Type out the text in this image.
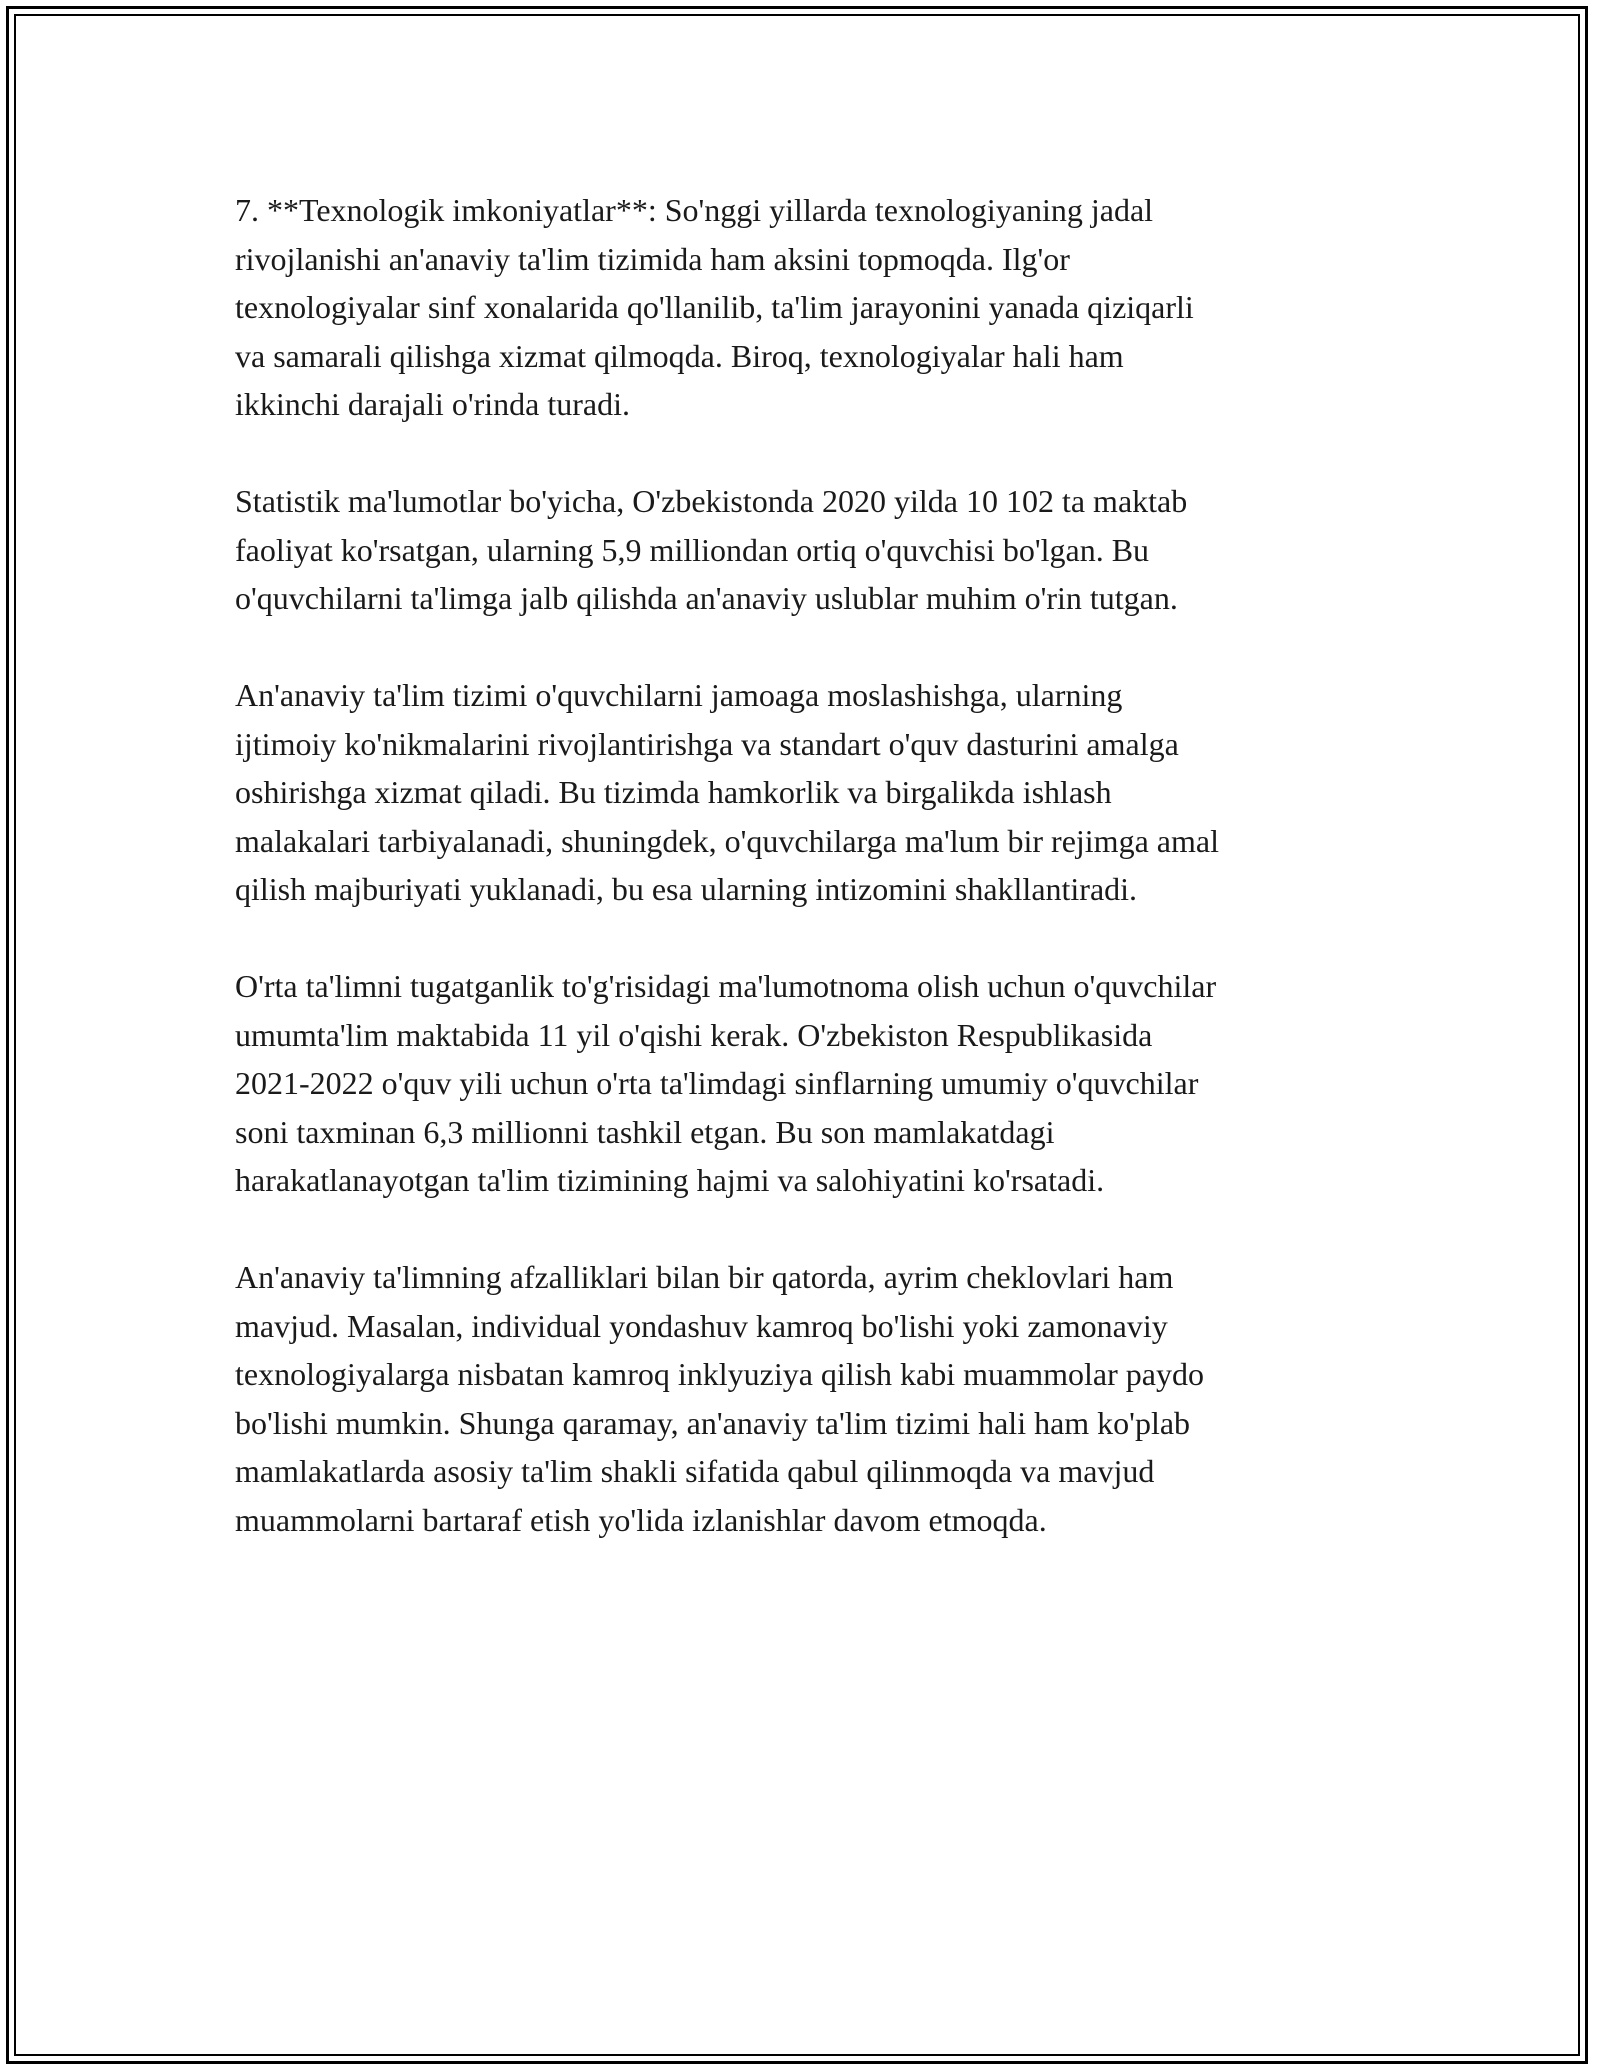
7. **Texnologik imkoniyatlar**: So'nggi yillarda texnologiyaning jadal
rivojlanishi an'anaviy ta'lim tizimida ham aksini topmoqda. Ilg'or
texnologiyalar sinf xonalarida qo'llanilib, ta'lim jarayonini yanada qiziqarli
va samarali qilishga xizmat qilmoqda. Biroq, texnologiyalar hali ham
ikkinchi darajali o'rinda turadi.

Statistik ma'lumotlar bo'yicha, O'zbekistonda 2020 yilda 10 102 ta maktab
faoliyat ko'rsatgan, ularning 5,9 milliondan ortiq o'quvchisi bo'lgan. Bu
o'quvchilarni ta'limga jalb qilishda an'anaviy uslublar muhim o'rin tutgan.

An'anaviy ta'lim tizimi o'quvchilarni jamoaga moslashishga, ularning
ijtimoiy ko'nikmalarini rivojlantirishga va standart o'quv dasturini amalga
oshirishga xizmat qiladi. Bu tizimda hamkorlik va birgalikda ishlash
malakalari tarbiyalanadi, shuningdek, o'quvchilarga ma'lum bir rejimga amal
qilish majburiyati yuklanadi, bu esa ularning intizomini shakllantiradi.

O'rta ta'limni tugatganlik to'g'risidagi ma'lumotnoma olish uchun o'quvchilar
umumta'lim maktabida 11 yil o'qishi kerak. O'zbekiston Respublikasida
2021-2022 o'quv yili uchun o'rta ta'limdagi sinflarning umumiy o'quvchilar
soni taxminan 6,3 millionni tashkil etgan. Bu son mamlakatdagi
harakatlanayotgan ta'lim tizimining hajmi va salohiyatini ko'rsatadi.

An'anaviy ta'limning afzalliklari bilan bir qatorda, ayrim cheklovlari ham
mavjud. Masalan, individual yondashuv kamroq bo'lishi yoki zamonaviy
texnologiyalarga nisbatan kamroq inklyuziya qilish kabi muammolar paydo
bo'lishi mumkin. Shunga qaramay, an'anaviy ta'lim tizimi hali ham ko'plab
mamlakatlarda asosiy ta'lim shakli sifatida qabul qilinmoqda va mavjud
muammolarni bartaraf etish yo'lida izlanishlar davom etmoqda.
